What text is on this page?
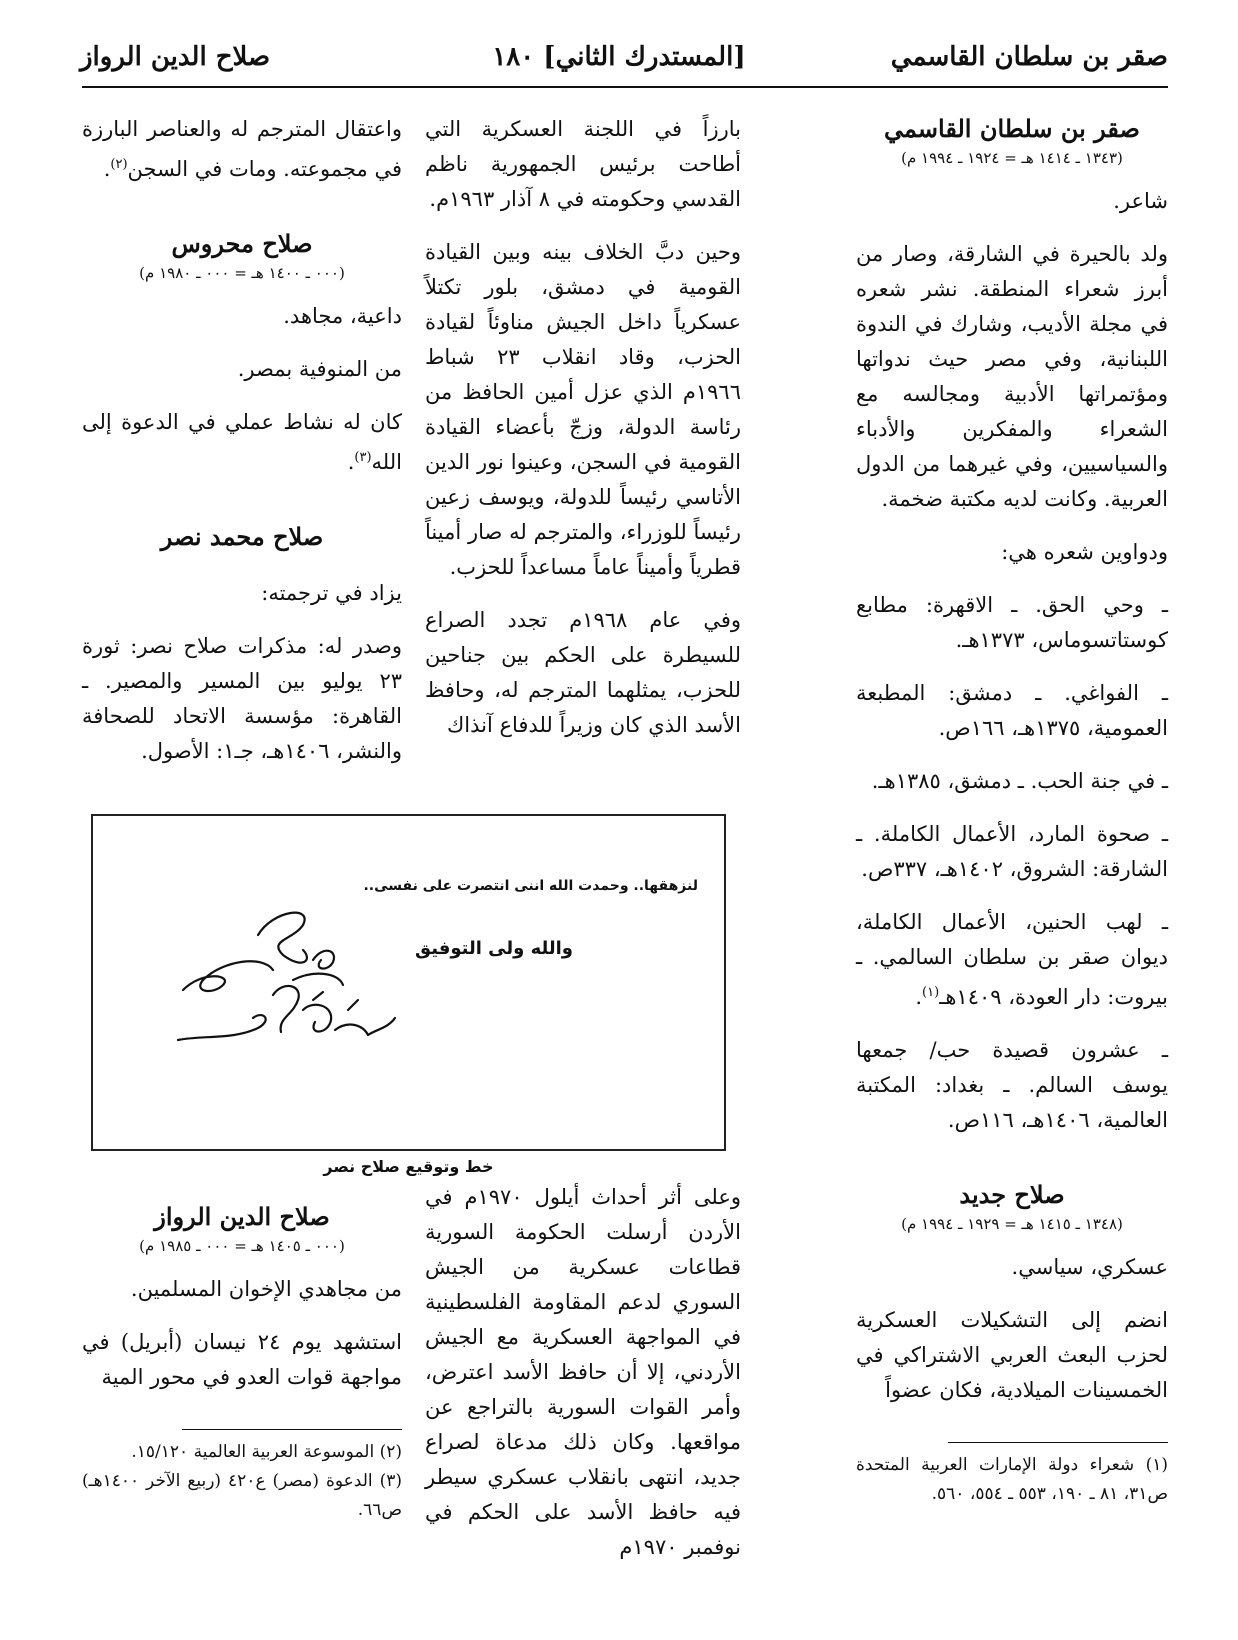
صقر بن سلطان القاسمي
[المستدرك الثاني] ١٨٠
صلاح الدين الرواز
صقر بن سلطان القاسمي
(١٣٤٣ ـ ١٤١٤ هـ = ١٩٢٤ ـ ١٩٩٤ م)

شاعر.

ولد بالحيرة في الشارقة، وصار من أبرز شعراء المنطقة. نشر شعره في مجلة الأديب، وشارك في الندوة اللبنانية، وفي مصر حيث ندواتها ومؤتمراتها الأدبية ومجالسه مع الشعراء والمفكرين والأدباء والسياسيين، وفي غيرهما من الدول العربية. وكانت لديه مكتبة ضخمة.

ودواوين شعره هي:

ـ وحي الحق. ـ الاقهرة: مطابع كوستاتسوماس، ١٣٧٣هـ.

ـ الفواغي. ـ دمشق: المطبعة العمومية، ١٣٧٥هـ، ١٦٦ص.

ـ في جنة الحب. ـ دمشق، ١٣٨٥هـ.

ـ صحوة المارد، الأعمال الكاملة. ـ الشارقة: الشروق، ١٤٠٢هـ، ٣٣٧ص.

ـ لهب الحنين، الأعمال الكاملة، ديوان صقر بن سلطان السالمي. ـ بيروت: دار العودة، ١٤٠٩هـ$^{(١)}$.

ـ عشرون قصيدة حب/ جمعها يوسف السالم. ـ بغداد: المكتبة العالمية، ١٤٠٦هـ، ١١٦ص.

صلاح جديد
(١٣٤٨ ـ ١٤١٥ هـ = ١٩٢٩ ـ ١٩٩٤ م)

عسكري، سياسي.

انضم إلى التشكيلات العسكرية لحزب البعث العربي الاشتراكي في الخمسينات الميلادية، فكان عضواً

(١) شعراء دولة الإمارات العربية المتحدة ص٣١، ٨١ ـ ١٩٠، ٥٥٣ ـ ٥٥٤، ٥٦٠.

بارزاً في اللجنة العسكرية التي أطاحت برئيس الجمهورية ناظم القدسي وحكومته في ٨ آذار ١٩٦٣م.

وحين دبَّ الخلاف بينه وبين القيادة القومية في دمشق، بلور تكتلاً عسكرياً داخل الجيش مناوئاً لقيادة الحزب، وقاد انقلاب ٢٣ شباط ١٩٦٦م الذي عزل أمين الحافظ من رئاسة الدولة، وزجّ بأعضاء القيادة القومية في السجن، وعينوا نور الدين الأتاسي رئيساً للدولة، ويوسف زعين رئيساً للوزراء، والمترجم له صار أميناً قطرياً وأميناً عاماً مساعداً للحزب.

وفي عام ١٩٦٨م تجدد الصراع للسيطرة على الحكم بين جناحين للحزب، يمثلهما المترجم له، وحافظ الأسد الذي كان وزيراً للدفاع آنذاك

واعتقال المترجم له والعناصر البارزة في مجموعته. ومات في السجن$^{(٢)}$.

صلاح محروس
(٠٠٠ ـ ١٤٠٠ هـ = ٠٠٠ ـ ١٩٨٠ م)

داعية، مجاهد.

من المنوفية بمصر.

كان له نشاط عملي في الدعوة إلى الله$^{(٣)}$.

صلاح محمد نصر

يزاد في ترجمته:

وصدر له: مذكرات صلاح نصر: ثورة ٢٣ يوليو بين المسير والمصير. ـ القاهرة: مؤسسة الاتحاد للصحافة والنشر، ١٤٠٦هـ، جـ١: الأصول.

لنزهقها.. وحمدت الله اننى انتصرت على نفسى..
والله ولى التوفيق
خط وتوقيع صلاح نصر

وعلى أثر أحداث أيلول ١٩٧٠م في الأردن أرسلت الحكومة السورية قطاعات عسكرية من الجيش السوري لدعم المقاومة الفلسطينية في المواجهة العسكرية مع الجيش الأردني، إلا أن حافظ الأسد اعترض، وأمر القوات السورية بالتراجع عن مواقعها. وكان ذلك مدعاة لصراع جديد، انتهى بانقلاب عسكري سيطر فيه حافظ الأسد على الحكم في نوفمبر ١٩٧٠م

صلاح الدين الرواز
(٠٠٠ ـ ١٤٠٥ هـ = ٠٠٠ ـ ١٩٨٥ م)

من مجاهدي الإخوان المسلمين.

استشهد يوم ٢٤ نيسان (أبريل) في مواجهة قوات العدو في محور المية

(٢) الموسوعة العربية العالمية ١٥/١٢٠.
(٣) الدعوة (مصر) ع٤٢٠ (ربيع الآخر ١٤٠٠هـ) ص٦٦.
